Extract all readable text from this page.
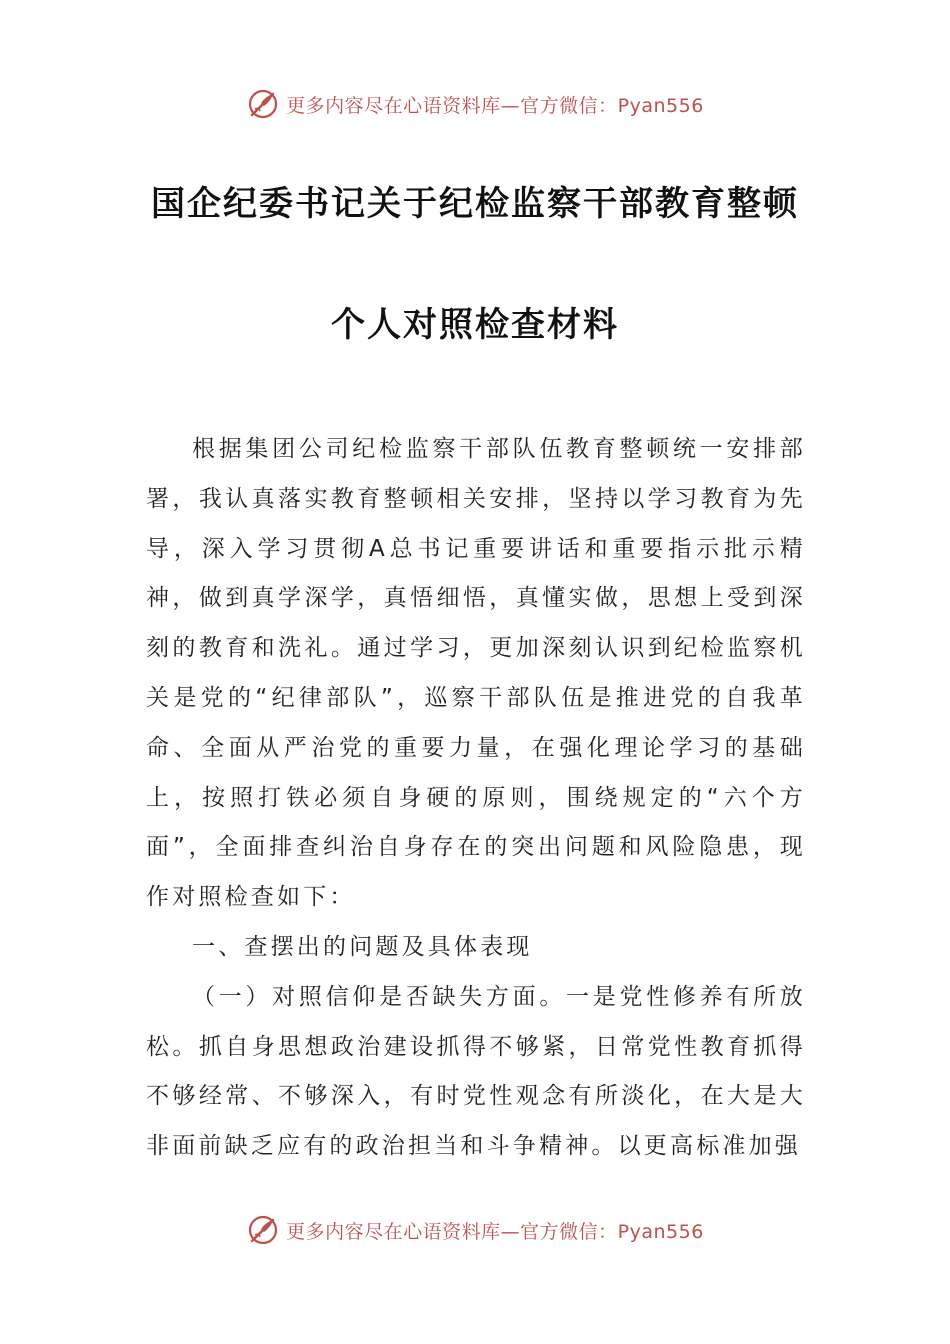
更多内容尽在心语资料库—官方微信：Pyan556
国企纪委书记关于纪检监察干部教育整顿
个人对照检查材料

根据集团公司纪检监察干部队伍教育整顿统一安排部署，我认真落实教育整顿相关安排，坚持以学习教育为先导，深入学习贯彻A总书记重要讲话和重要指示批示精神，做到真学深学，真悟细悟，真懂实做，思想上受到深刻的教育和洗礼。通过学习，更加深刻认识到纪检监察机关是党的“纪律部队”，巡察干部队伍是推进党的自我革命、全面从严治党的重要力量，在强化理论学习的基础上，按照打铁必须自身硬的原则，围绕规定的“六个方面”，全面排查纠治自身存在的突出问题和风险隐患，现作对照检查如下：

一、查摆出的问题及具体表现

（一）对照信仰是否缺失方面。一是党性修养有所放松。抓自身思想政治建设抓得不够紧，日常党性教育抓得不够经常、不够深入，有时党性观念有所淡化，在大是大非面前缺乏应有的政治担当和斗争精神。以更高标准加强

更多内容尽在心语资料库—官方微信：Pyan556
